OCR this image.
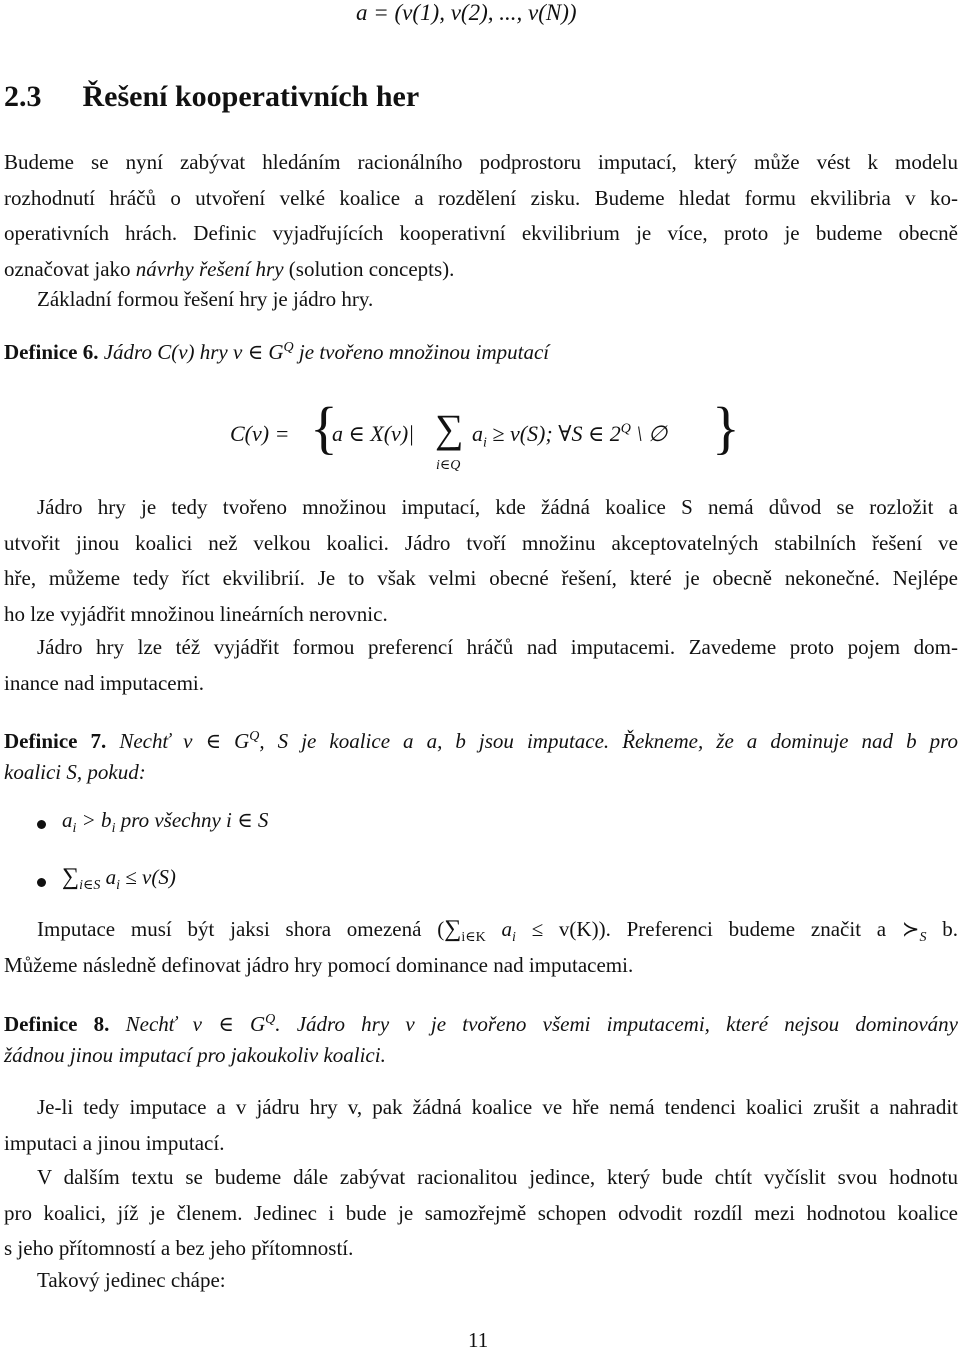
a = (v(1), v(2), ..., v(N))
2.3 Řešení kooperativních her
Budeme se nyní zabývat hledáním racionálního podprostoru imputací, který může vést k modelu
rozhodnutí hráčů o utvoření velké koalice a rozdělení zisku. Budeme hledat formu ekvilibria v ko-
operativních hrách. Definic vyjadřujících kooperativní ekvilibrium je více, proto je budeme obecně
označovat jako návrhy řešení hry (solution concepts).
Základní formou řešení hry je jádro hry.
Definice 6. Jádro C(v) hry v ∈ $G^Q$ je tvořeno množinou imputací
C(v) = {
a ∈ X(v)| ∑
i∈Q
$a_i \ge v(S)$; ∀S ∈ $2^Q$ \ ∅ }
Jádro hry je tedy tvořeno množinou imputací, kde žádná koalice S nemá důvod se rozložit a
utvořit jinou koalici než velkou koalici. Jádro tvoří množinu akceptovatelných stabilních řešení ve
hře, můžeme tedy říct ekvilibrií. Je to však velmi obecné řešení, které je obecně nekonečné. Nejlépe
ho lze vyjádřit množinou lineárních nerovnic.
Jádro hry lze též vyjádřit formou preferencí hráčů nad imputacemi. Zavedeme proto pojem dom-
inance nad imputacemi.
Definice 7. Nechť v ∈ $G^Q$, S je koalice a a, b jsou imputace. Řekneme, že a dominuje nad b pro
koalici S, pokud:
$a_i > b_i$ pro všechny i ∈ S
$\sum_{i\in S}$ $a_i \le v(S)$
Imputace musí být jaksi shora omezená ($\sum_{i\in K}$ $a_i \le v(K)$). Preferenci budeme značit a $≻_S$ b.
Můžeme následně definovat jádro hry pomocí dominance nad imputacemi.
Definice 8. Nechť v ∈ $G^Q$. Jádro hry v je tvořeno všemi imputacemi, které nejsou dominovány
žádnou jinou imputací pro jakoukoliv koalici.
Je-li tedy imputace a v jádru hry v, pak žádná koalice ve hře nemá tendenci koalici zrušit a nahradit
imputaci a jinou imputací.
V dalším textu se budeme dále zabývat racionalitou jedince, který bude chtít vyčíslit svou hodnotu
pro koalici, jíž je členem. Jedinec i bude je samozřejmě schopen odvodit rozdíl mezi hodnotou koalice
s jeho přítomností a bez jeho přítomností.
Takový jedinec chápe:
11
